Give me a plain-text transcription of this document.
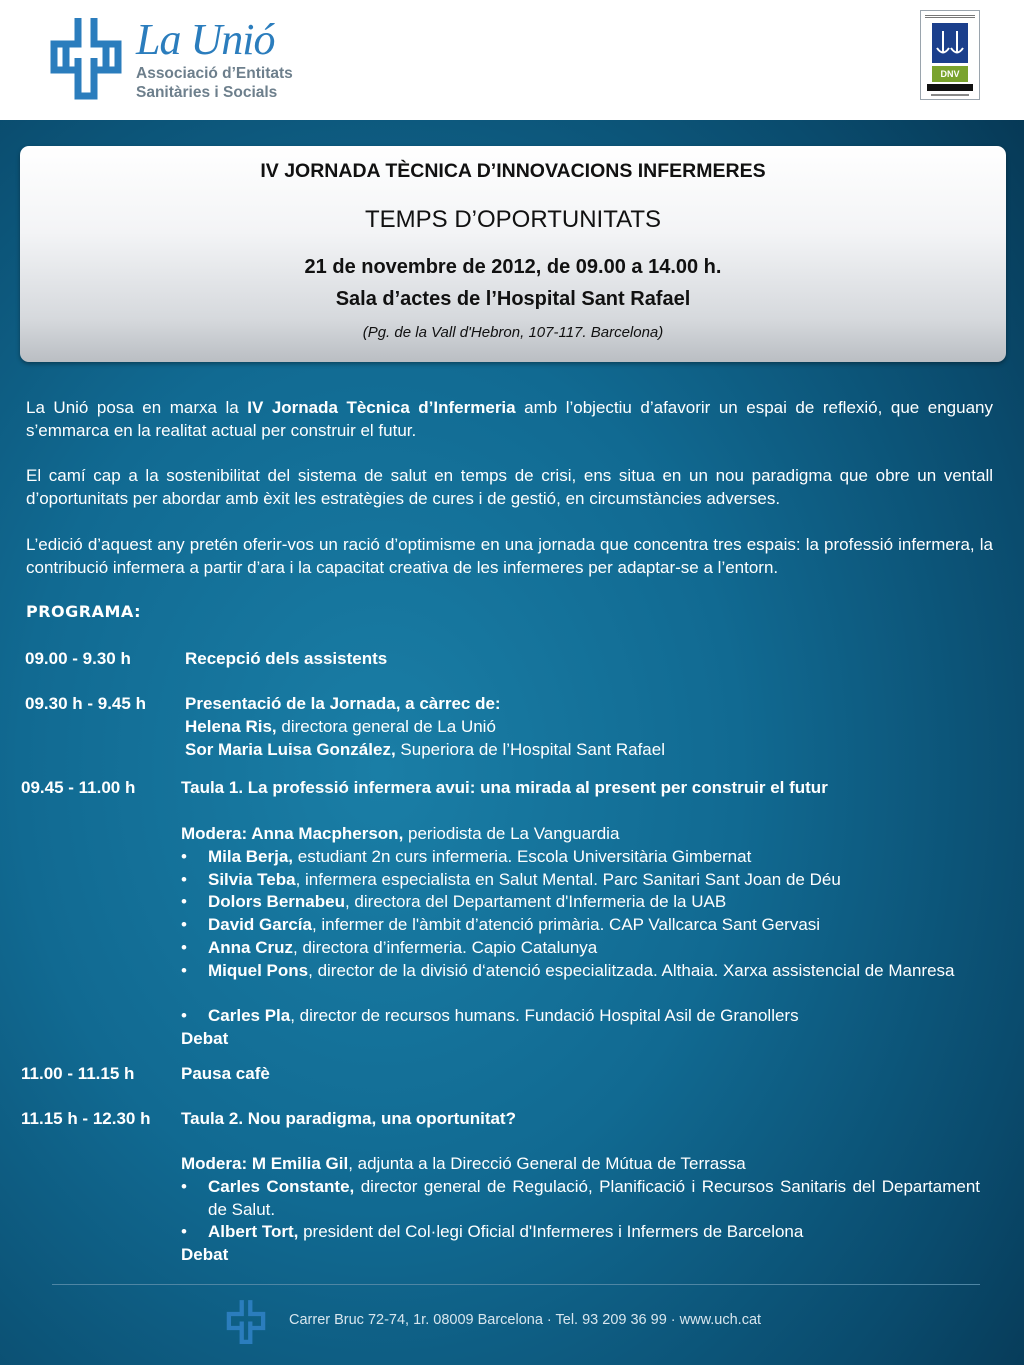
La Unió
Associació d’Entitats
Sanitàries i Socials
DNV
IV JORNADA TÈCNICA D’INNOVACIONS INFERMERES
TEMPS D’OPORTUNITATS
21 de novembre de 2012, de 09.00 a 14.00 h.
Sala d’actes de l’Hospital Sant Rafael
(Pg. de la Vall d'Hebron, 107-117. Barcelona)
La Unió posa en marxa la IV Jornada Tècnica d’Infermeria amb l’objectiu d’afavorir un espai de reflexió, que enguany s’emmarca en la realitat actual per construir el futur.
El camí cap a la sostenibilitat del sistema de salut en temps de crisi, ens situa en un nou paradigma que obre un ventall d’oportunitats per abordar amb èxit les estratègies de cures i de gestió, en circumstàncies adverses.
L’edició d’aquest any pretén oferir-vos un ració d’optimisme en una jornada que concentra tres espais: la professió infermera, la contribució infermera a partir d’ara i la capacitat creativa de les infermeres per adaptar-se a l’entorn.
PROGRAMA:
09.00 - 9.30 h	Recepció dels assistents
09.30 h - 9.45 h Presentació de la Jornada, a càrrec de:
Helena Ris, directora general de La Unió
Sor Maria Luisa González, Superiora de l’Hospital Sant Rafael
09.45 - 11.00 h	Taula 1. La professió infermera avui: una mirada al present per construir el futur
Modera: Anna Macpherson, periodista de La Vanguardia
• Mila Berja, estudiant 2n curs infermeria. Escola Universitària Gimbernat
• Silvia Teba, infermera especialista en Salut Mental. Parc Sanitari Sant Joan de Déu
• Dolors Bernabeu, directora del Departament d'Infermeria de la UAB
• David García, infermer de l'àmbit d’atenció primària. CAP Vallcarca Sant Gervasi
• Anna Cruz, directora d’infermeria. Capio Catalunya
• Miquel Pons, director de la divisió d‘atenció especialitzada. Althaia. Xarxa assistencial de Manresa
• Carles Pla, director de recursos humans. Fundació Hospital Asil de Granollers
Debat
11.00 - 11.15 h	Pausa cafè
11.15 h - 12.30 h Taula 2. Nou paradigma, una oportunitat?
Modera: M Emilia Gil, adjunta a la Direcció General de Mútua de Terrassa
• Carles Constante, director general de Regulació, Planificació i Recursos Sanitaris del Departament de Salut.
• Albert Tort, president del Col·legi Oficial d'Infermeres i Infermers de Barcelona
Debat
Carrer Bruc 72-74, 1r. 08009 Barcelona · Tel. 93 209 36 99 · www.uch.cat
